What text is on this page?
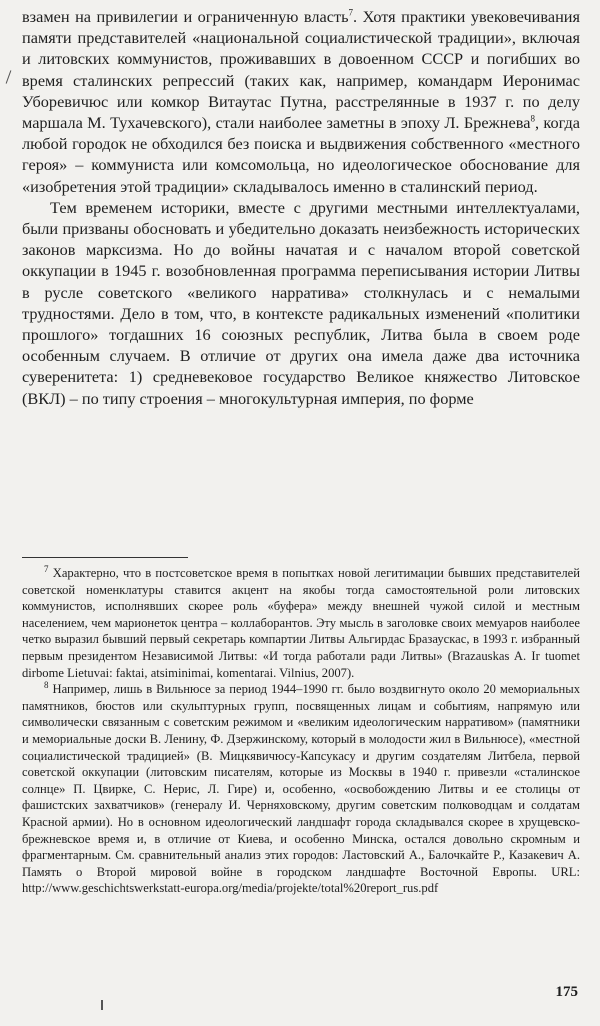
взамен на привилегии и ограниченную власть$^7$. Хотя практики увековечивания памяти представителей «национальной социалистической традиции», включая и литовских коммунистов, проживавших в довоенном СССР и погибших во время сталинских репрессий (таких как, например, командарм Иеронимас Уборевичюс или комкор Витаутас Путна, расстрелянные в 1937 г. по делу маршала М. Тухачевского), стали наиболее заметны в эпоху Л. Брежнева$^8$, когда любой городок не обходился без поиска и выдвижения собственного «местного героя» – коммуниста или комсомольца, но идеологическое обоснование для «изобретения этой традиции» складывалось именно в сталинский период.

Тем временем историки, вместе с другими местными интеллектуалами, были призваны обосновать и убедительно доказать неизбежность исторических законов марксизма. Но до войны начатая и с началом второй советской оккупации в 1945 г. возобновленная программа переписывания истории Литвы в русле советского «великого нарратива» столкнулась и с немалыми трудностями. Дело в том, что, в контексте радикальных изменений «политики прошлого» тогдашних 16 союзных республик, Литва была в своем роде особенным случаем. В отличие от других она имела даже два источника суверенитета: 1) средневековое государство Великое княжество Литовское (ВКЛ) – по типу строения – многокультурная империя, по форме

$^7$ Характерно, что в постсоветское время в попытках новой легитимации бывших представителей советской номенклатуры ставится акцент на якобы тогда самостоятельной роли литовских коммунистов, исполнявших скорее роль «буфера» между внешней чужой силой и местным населением, чем марионеток центра – коллаборантов. Эту мысль в заголовке своих мемуаров наиболее четко выразил бывший первый секретарь компартии Литвы Альгирдас Бразаускас, в 1993 г. избранный первым президентом Независимой Литвы: «И тогда работали ради Литвы» (Brazauskas A. Ir tuomet dirbome Lietuvai: faktai, atsiminimai, komentarai. Vilnius, 2007).

$^8$ Например, лишь в Вильнюсе за период 1944–1990 гг. было воздвигнуто около 20 мемориальных памятников, бюстов или скульптурных групп, посвященных лицам и событиям, напрямую или символически связанным с советским режимом и «великим идеологическим нарративом» (памятники и мемориальные доски В. Ленину, Ф. Дзержинскому, который в молодости жил в Вильнюсе), «местной социалистической традицией» (В. Мицкявичюсу-Капсукасу и другим создателям Литбела, первой советской оккупации (литовским писателям, которые из Москвы в 1940 г. привезли «сталинское солнце» П. Цвирке, С. Нерис, Л. Гире) и, особенно, «освобождению Литвы и ее столицы от фашистских захватчиков» (генералу И. Черняховскому, другим советским полководцам и солдатам Красной армии). Но в основном идеологический ландшафт города складывался скорее в хрущевско-брежневское время и, в отличие от Киева, и особенно Минска, остался довольно скромным и фрагментарным. См. сравнительный анализ этих городов: Ластовский А., Балочкайте Р., Казакевич А. Память о Второй мировой войне в городском ландшафте Восточной Европы. URL: http://www.geschichtswerkstatt-europa.org/media/projekte/total%20report_rus.pdf

175
